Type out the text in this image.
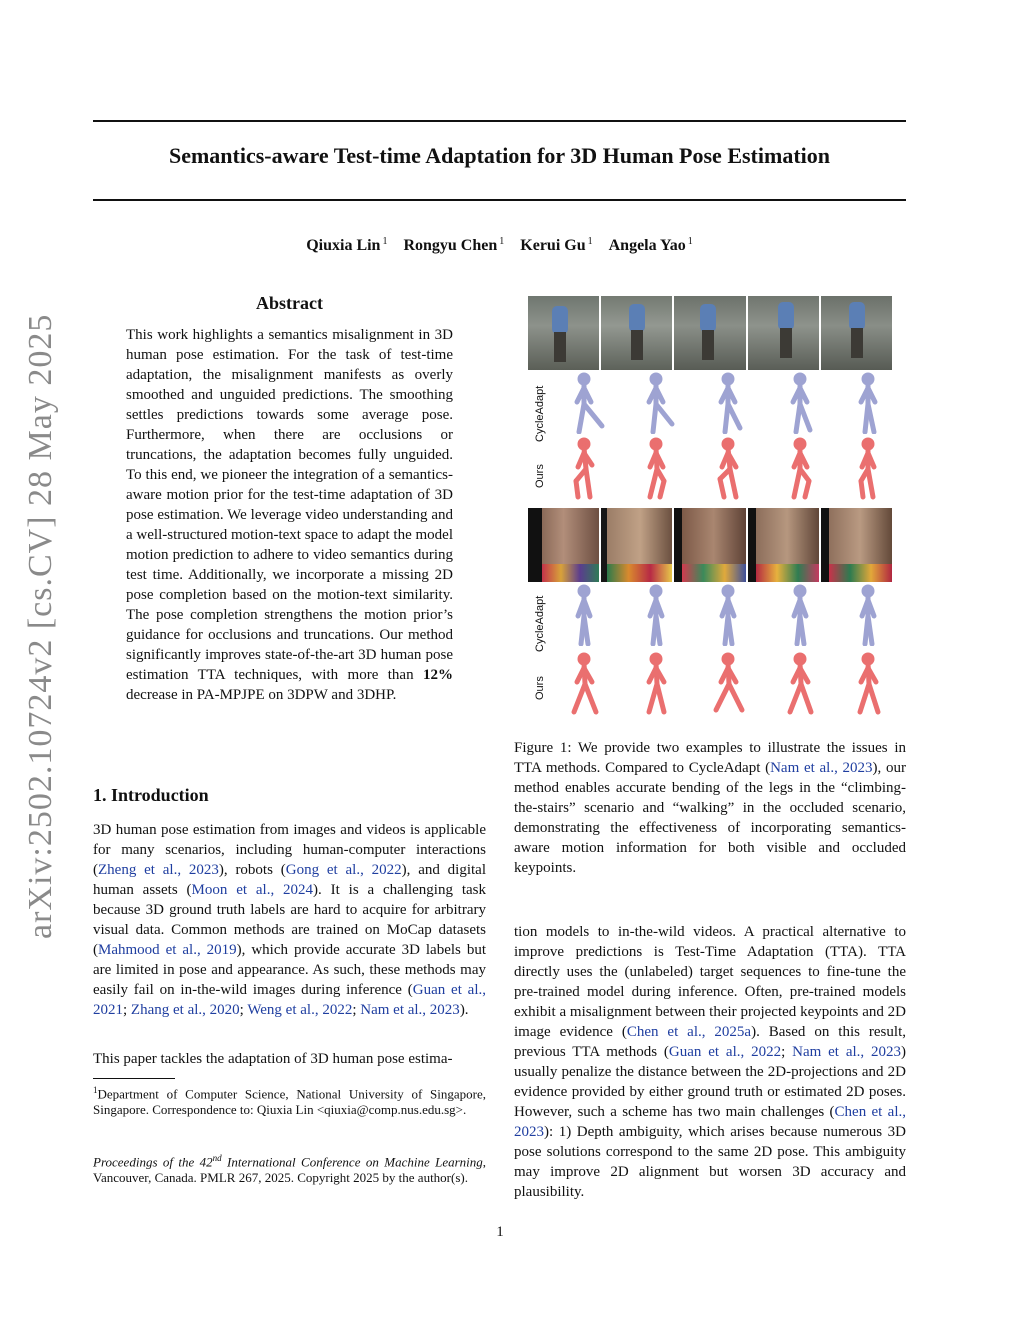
Semantics-aware Test-time Adaptation for 3D Human Pose Estimation
Qiuxia Lin $^1$ Rongyu Chen $^1$ Kerui Gu $^1$ Angela Yao $^1$
arXiv:2502.10724v2 [cs.CV] 28 May 2025
Abstract

This work highlights a semantics misalignment in 3D human pose estimation. For the task of test-time adaptation, the misalignment manifests as overly smoothed and unguided predictions. The smoothing settles predictions towards some average pose. Furthermore, when there are occlusions or truncations, the adaptation becomes fully unguided. To this end, we pioneer the integration of a semantics-aware motion prior for the test-time adaptation of 3D pose estimation. We leverage video understanding and a well-structured motion-text space to adapt the model motion prediction to adhere to video semantics during test time. Additionally, we incorporate a missing 2D pose completion based on the motion-text similarity. The pose completion strengthens the motion prior’s guidance for occlusions and truncations. Our method significantly improves state-of-the-art 3D human pose estimation TTA techniques, with more than 12% decrease in PA-MPJPE on 3DPW and 3DHP.

1. Introduction

3D human pose estimation from images and videos is applicable for many scenarios, including human-computer interactions (Zheng et al., 2023), robots (Gong et al., 2022), and digital human assets (Moon et al., 2024). It is a challenging task because 3D ground truth labels are hard to acquire for arbitrary visual data. Common methods are trained on MoCap datasets (Mahmood et al., 2019), which provide accurate 3D labels but are limited in pose and appearance. As such, these methods may easily fail on in-the-wild images during inference (Guan et al., 2021; Zhang et al., 2020; Weng et al., 2022; Nam et al., 2023).

This paper tackles the adaptation of 3D human pose estima-

$^1$Department of Computer Science, National University of Singapore, Singapore. Correspondence to: Qiuxia Lin <qiuxia@comp.nus.edu.sg>.

Proceedings of the 42nd International Conference on Machine Learning, Vancouver, Canada. PMLR 267, 2025. Copyright 2025 by the author(s).

CycleAdapt
Ours
CycleAdapt
Ours

Figure 1: We provide two examples to illustrate the issues in TTA methods. Compared to CycleAdapt (Nam et al., 2023), our method enables accurate bending of the legs in the “climbing-the-stairs” scenario and “walking” in the occluded scenario, demonstrating the effectiveness of incorporating semantics-aware motion information for both visible and occluded keypoints.

tion models to in-the-wild videos. A practical alternative to improve predictions is Test-Time Adaptation (TTA). TTA directly uses the (unlabeled) target sequences to fine-tune the pre-trained model during inference. Often, pre-trained models exhibit a misalignment between their projected keypoints and 2D image evidence (Chen et al., 2025a). Based on this result, previous TTA methods (Guan et al., 2022; Nam et al., 2023) usually penalize the distance between the 2D-projections and 2D evidence provided by either ground truth or estimated 2D poses. However, such a scheme has two main challenges (Chen et al., 2023): 1) Depth ambiguity, which arises because numerous 3D pose solutions correspond to the same 2D pose. This ambiguity may improve 2D alignment but worsen 3D accuracy and plausibility.

1
